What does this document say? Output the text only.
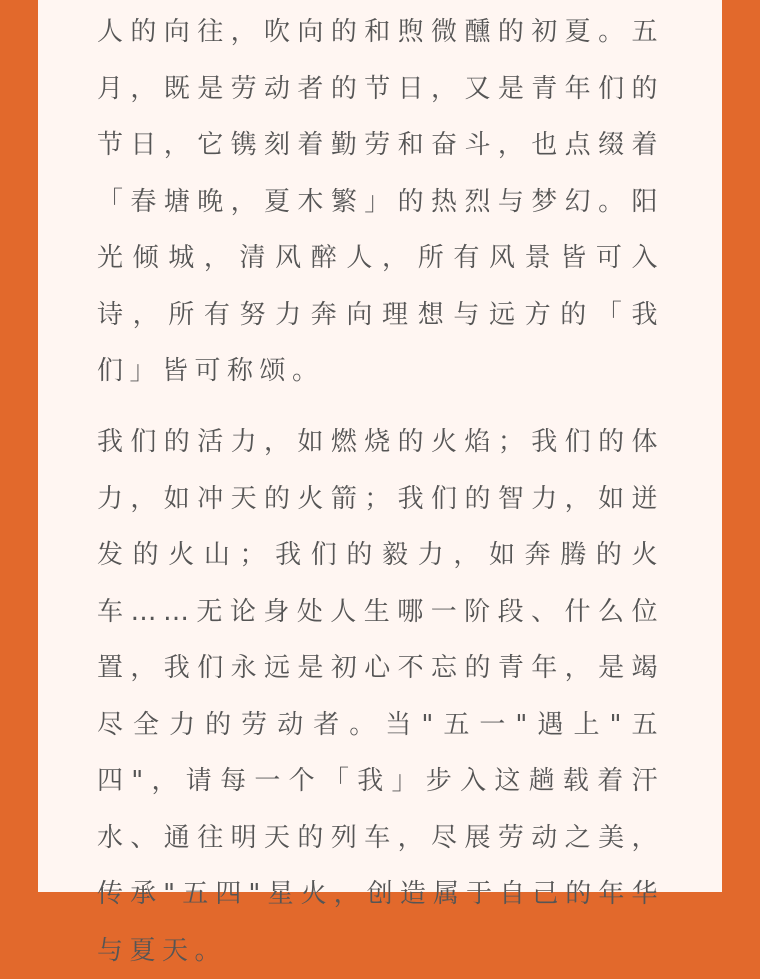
人的向往，吹向的和煦微醺的初夏。五月，既是劳动者的节日，又是青年们的节日，它镌刻着勤劳和奋斗，也点缀着「春塘晚，夏木繁」的热烈与梦幻。阳光倾城，清风醉人，所有风景皆可入诗，所有努力奔向理想与远方的「我们」皆可称颂。

我们的活力，如燃烧的火焰；我们的体力，如冲天的火箭；我们的智力，如迸发的火山；我们的毅力，如奔腾的火车……无论身处人生哪一阶段、什么位置，我们永远是初心不忘的青年，是竭尽全力的劳动者。当"五一"遇上"五四"，请每一个「我」步入这趟载着汗水、通往明天的列车，尽展劳动之美，传承"五四"星火，创造属于自己的年华与夏天。
